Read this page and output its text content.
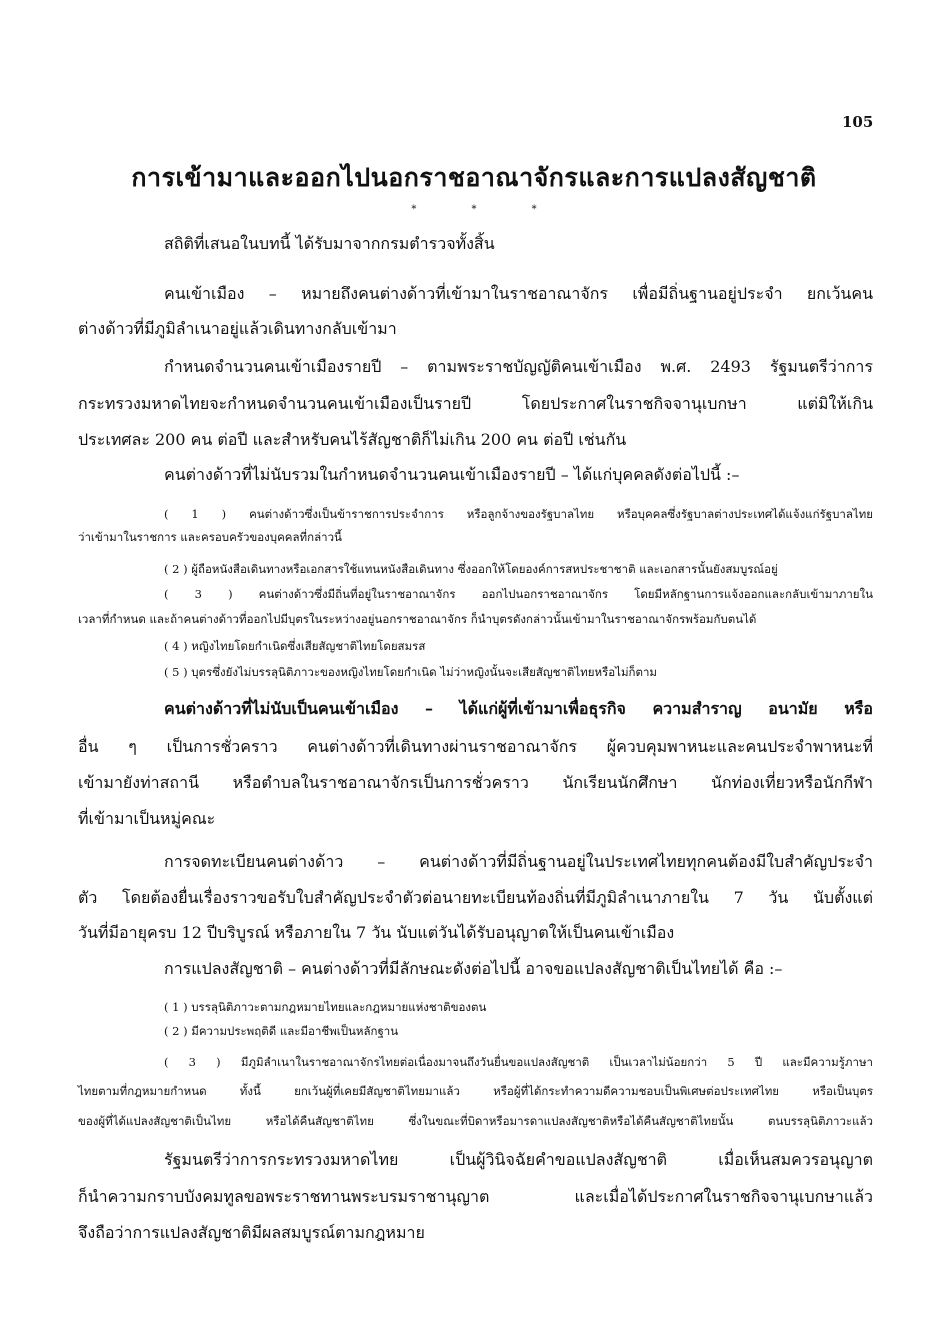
105
การเข้ามาและออกไปนอกราชอาณาจักรและการแปลงสัญชาติ
* * *
สถิติที่เสนอในบทนี้ ได้รับมาจากกรมตำรวจทั้งสิ้น
คนเข้าเมือง – หมายถึงคนต่างด้าวที่เข้ามาในราชอาณาจักร เพื่อมีถิ่นฐานอยู่ประจำ ยกเว้นคน
ต่างด้าวที่มีภูมิลำเนาอยู่แล้วเดินทางกลับเข้ามา
กำหนดจำนวนคนเข้าเมืองรายปี – ตามพระราชบัญญัติคนเข้าเมือง พ.ศ. 2493 รัฐมนตรีว่าการ
กระทรวงมหาดไทยจะกำหนดจำนวนคนเข้าเมืองเป็นรายปี โดยประกาศในราชกิจจานุเบกษา แต่มิให้เกิน
ประเทศละ 200 คน ต่อปี และสำหรับคนไร้สัญชาติก็ไม่เกิน 200 คน ต่อปี เช่นกัน
คนต่างด้าวที่ไม่นับรวมในกำหนดจำนวนคนเข้าเมืองรายปี – ได้แก่บุคคลดังต่อไปนี้ :–
( 1 ) คนต่างด้าวซึ่งเป็นข้าราชการประจำการ หรือลูกจ้างของรัฐบาลไทย หรือบุคคลซึ่งรัฐบาลต่างประเทศได้แจ้งแก่รัฐบาลไทย
ว่าเข้ามาในราชการ และครอบครัวของบุคคลที่กล่าวนี้
( 2 ) ผู้ถือหนังสือเดินทางหรือเอกสารใช้แทนหนังสือเดินทาง ซึ่งออกให้โดยองค์การสหประชาชาติ และเอกสารนั้นยังสมบูรณ์อยู่
( 3 ) คนต่างด้าวซึ่งมีถิ่นที่อยู่ในราชอาณาจักร ออกไปนอกราชอาณาจักร โดยมีหลักฐานการแจ้งออกและกลับเข้ามาภายใน
เวลาที่กำหนด และถ้าคนต่างด้าวที่ออกไปมีบุตรในระหว่างอยู่นอกราชอาณาจักร ก็นำบุตรดังกล่าวนั้นเข้ามาในราชอาณาจักรพร้อมกับตนได้
( 4 ) หญิงไทยโดยกำเนิดซึ่งเสียสัญชาติไทยโดยสมรส
( 5 ) บุตรซึ่งยังไม่บรรลุนิติภาวะของหญิงไทยโดยกำเนิด ไม่ว่าหญิงนั้นจะเสียสัญชาติไทยหรือไม่ก็ตาม
คนต่างด้าวที่ไม่นับเป็นคนเข้าเมือง – ได้แก่ผู้ที่เข้ามาเพื่อธุรกิจ ความสำราญ อนามัย หรือ
อื่น ๆ เป็นการชั่วคราว คนต่างด้าวที่เดินทางผ่านราชอาณาจักร ผู้ควบคุมพาหนะและคนประจำพาหนะที่
เข้ามายังท่าสถานี หรือตำบลในราชอาณาจักรเป็นการชั่วคราว นักเรียนนักศึกษา นักท่องเที่ยวหรือนักกีฬา
ที่เข้ามาเป็นหมู่คณะ
การจดทะเบียนคนต่างด้าว – คนต่างด้าวที่มีถิ่นฐานอยู่ในประเทศไทยทุกคนต้องมีใบสำคัญประจำ
ตัว โดยต้องยื่นเรื่องราวขอรับใบสำคัญประจำตัวต่อนายทะเบียนท้องถิ่นที่มีภูมิลำเนาภายใน 7 วัน นับตั้งแต่
วันที่มีอายุครบ 12 ปีบริบูรณ์ หรือภายใน 7 วัน นับแต่วันได้รับอนุญาตให้เป็นคนเข้าเมือง
การแปลงสัญชาติ – คนต่างด้าวที่มีลักษณะดังต่อไปนี้ อาจขอแปลงสัญชาติเป็นไทยได้ คือ :–
( 1 ) บรรลุนิติภาวะตามกฎหมายไทยและกฎหมายแห่งชาติของตน
( 2 ) มีความประพฤติดี และมีอาชีพเป็นหลักฐาน
( 3 ) มีภูมิลำเนาในราชอาณาจักรไทยต่อเนื่องมาจนถึงวันยื่นขอแปลงสัญชาติ เป็นเวลาไม่น้อยกว่า 5 ปี และมีความรู้ภาษา
ไทยตามที่กฎหมายกำหนด ทั้งนี้ ยกเว้นผู้ที่เคยมีสัญชาติไทยมาแล้ว หรือผู้ที่ได้กระทำความดีความชอบเป็นพิเศษต่อประเทศไทย หรือเป็นบุตร
ของผู้ที่ได้แปลงสัญชาติเป็นไทย หรือได้คืนสัญชาติไทย ซึ่งในขณะที่บิดาหรือมารดาแปลงสัญชาติหรือได้คืนสัญชาติไทยนั้น ตนบรรลุนิติภาวะแล้ว
รัฐมนตรีว่าการกระทรวงมหาดไทย เป็นผู้วินิจฉัยคำขอแปลงสัญชาติ เมื่อเห็นสมควรอนุญาต
ก็นำความกราบบังคมทูลขอพระราชทานพระบรมราชานุญาต และเมื่อได้ประกาศในราชกิจจานุเบกษาแล้ว
จึงถือว่าการแปลงสัญชาติมีผลสมบูรณ์ตามกฎหมาย
